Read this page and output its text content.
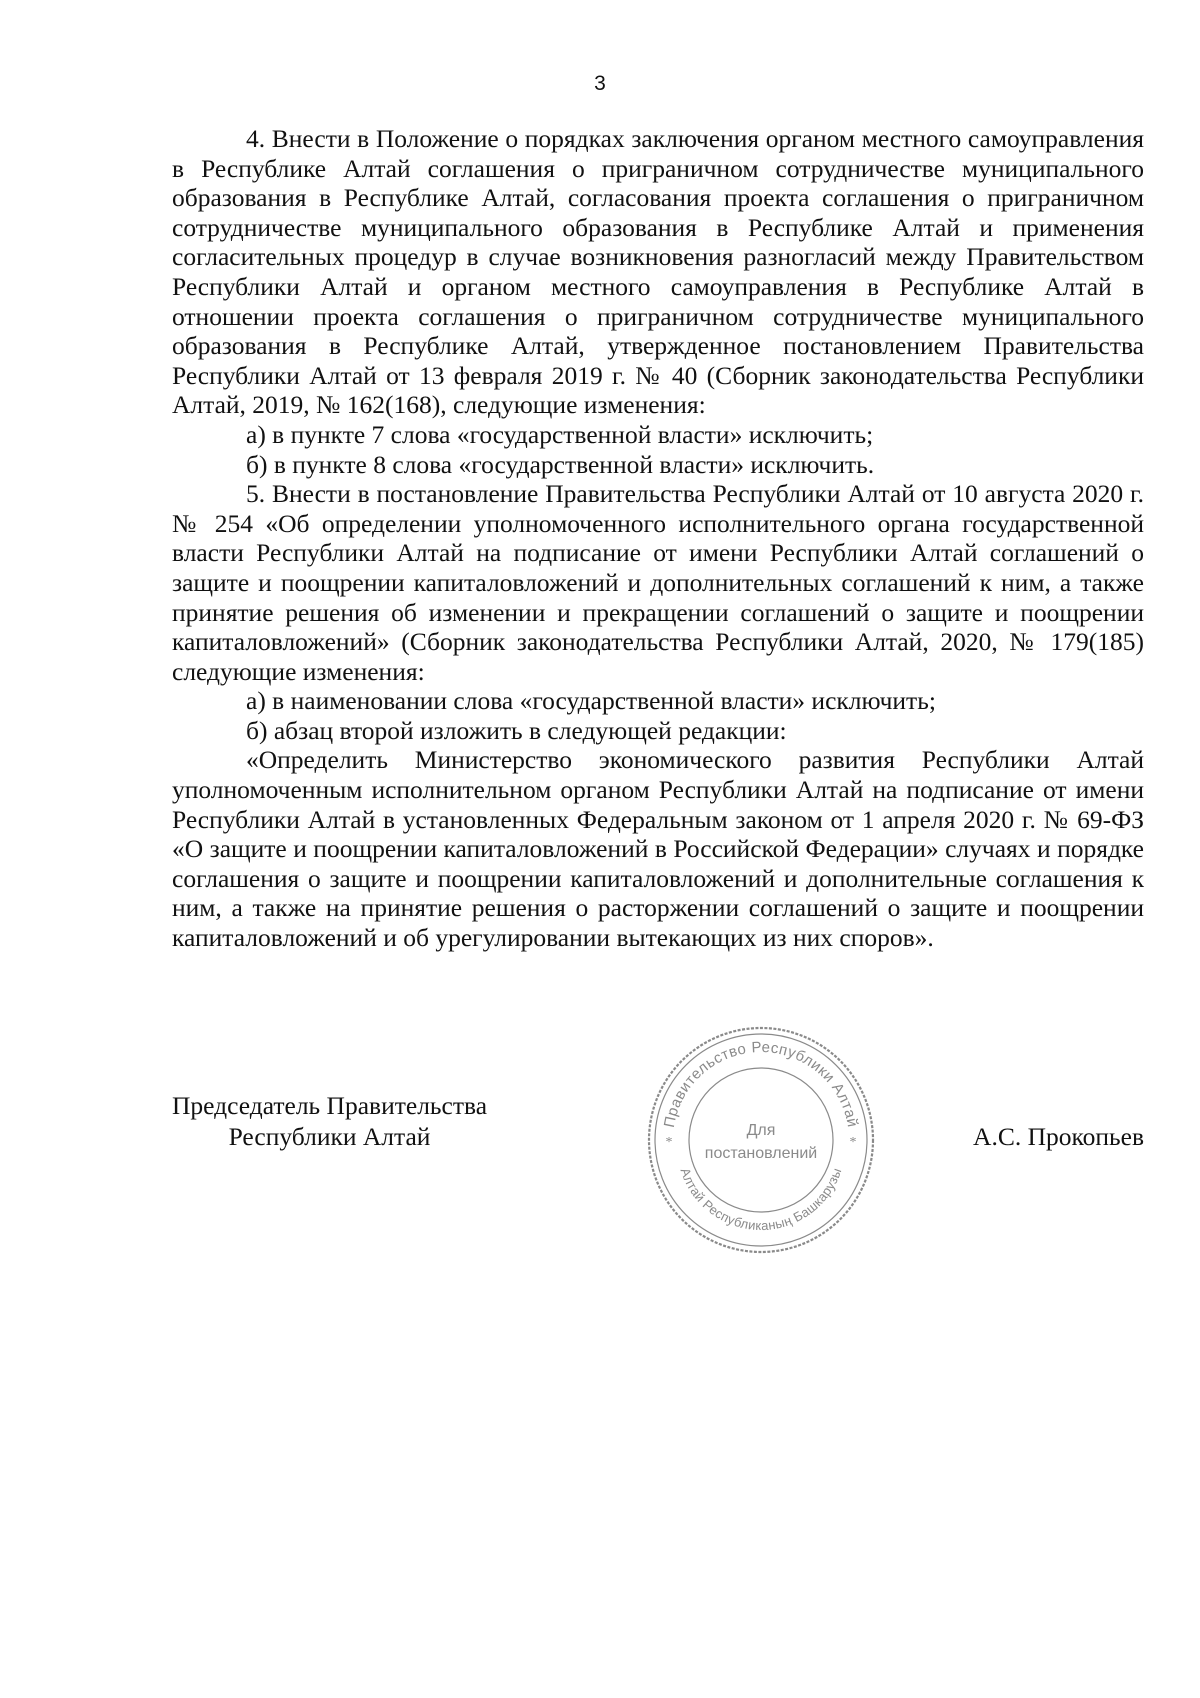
3

4. Внести в Положение о порядках заключения органом местного самоуправления в Республике Алтай соглашения о приграничном сотрудничестве муниципального образования в Республике Алтай, согласования проекта соглашения о приграничном сотрудничестве муниципального образования в Республике Алтай и применения согласительных процедур в случае возникновения разногласий между Правительством Республики Алтай и органом местного самоуправления в Республике Алтай в отношении проекта соглашения о приграничном сотрудничестве муниципального образования в Республике Алтай, утвержденное постановлением Правительства Республики Алтай от 13 февраля 2019 г. № 40 (Сборник законодательства Республики Алтай, 2019, № 162(168), следующие изменения:

а) в пункте 7 слова «государственной власти» исключить;

б) в пункте 8 слова «государственной власти» исключить.

5. Внести в постановление Правительства Республики Алтай от 10 августа 2020 г. № 254 «Об определении уполномоченного исполнительного органа государственной власти Республики Алтай на подписание от имени Республики Алтай соглашений о защите и поощрении капиталовложений и дополнительных соглашений к ним, а также принятие решения об изменении и прекращении соглашений о защите и поощрении капиталовложений» (Сборник законодательства Республики Алтай, 2020, № 179(185) следующие изменения:

а) в наименовании слова «государственной власти» исключить;

б) абзац второй изложить в следующей редакции:

«Определить Министерство экономического развития Республики Алтай уполномоченным исполнительном органом Республики Алтай на подписание от имени Республики Алтай в установленных Федеральным законом от 1 апреля 2020 г. № 69-ФЗ «О защите и поощрении капиталовложений в Российской Федерации» случаях и порядке соглашения о защите и поощрении капиталовложений и дополнительные соглашения к ним, а также на принятие решения о расторжении соглашений о защите и поощрении капиталовложений и об урегулировании вытекающих из них споров».

Председатель Правительства
Республики Алтай	А.С. Прокопьев
Правительство Республики Алтай
Алтай Республиканың Башкарузы
Для
постановлений
*	*
